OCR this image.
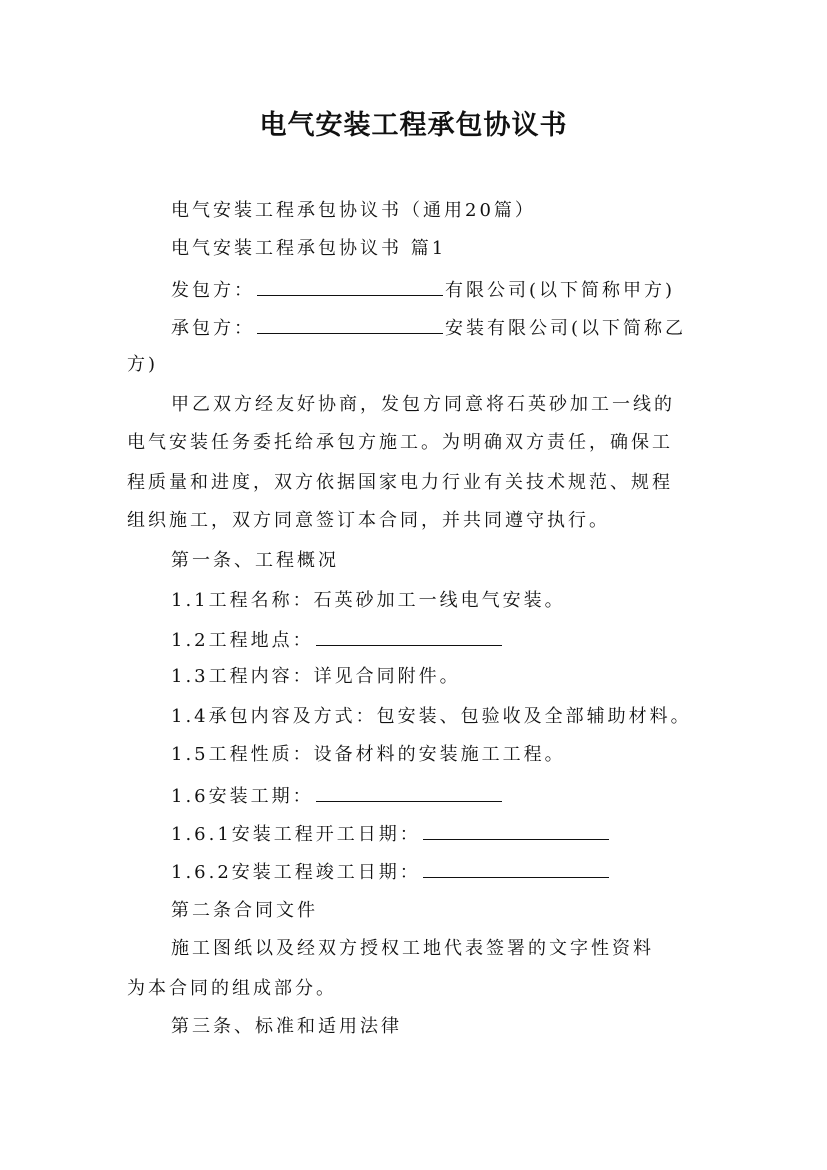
电气安装工程承包协议书
电气安装工程承包协议书（通用20篇）
电气安装工程承包协议书 篇1
发包方：	有限公司(以下简称甲方)
承包方：	安装有限公司(以下简称乙
方)
甲乙双方经友好协商，发包方同意将石英砂加工一线的
电气安装任务委托给承包方施工。为明确双方责任，确保工
程质量和进度，双方依据国家电力行业有关技术规范、规程
组织施工，双方同意签订本合同，并共同遵守执行。
第一条、工程概况
1.1工程名称：石英砂加工一线电气安装。
1.2工程地点：
1.3工程内容：详见合同附件。
1.4承包内容及方式：包安装、包验收及全部辅助材料。
1.5工程性质：设备材料的安装施工工程。
1.6安装工期：
1.6.1安装工程开工日期：
1.6.2安装工程竣工日期：
第二条合同文件
施工图纸以及经双方授权工地代表签署的文字性资料
为本合同的组成部分。
第三条、标准和适用法律
